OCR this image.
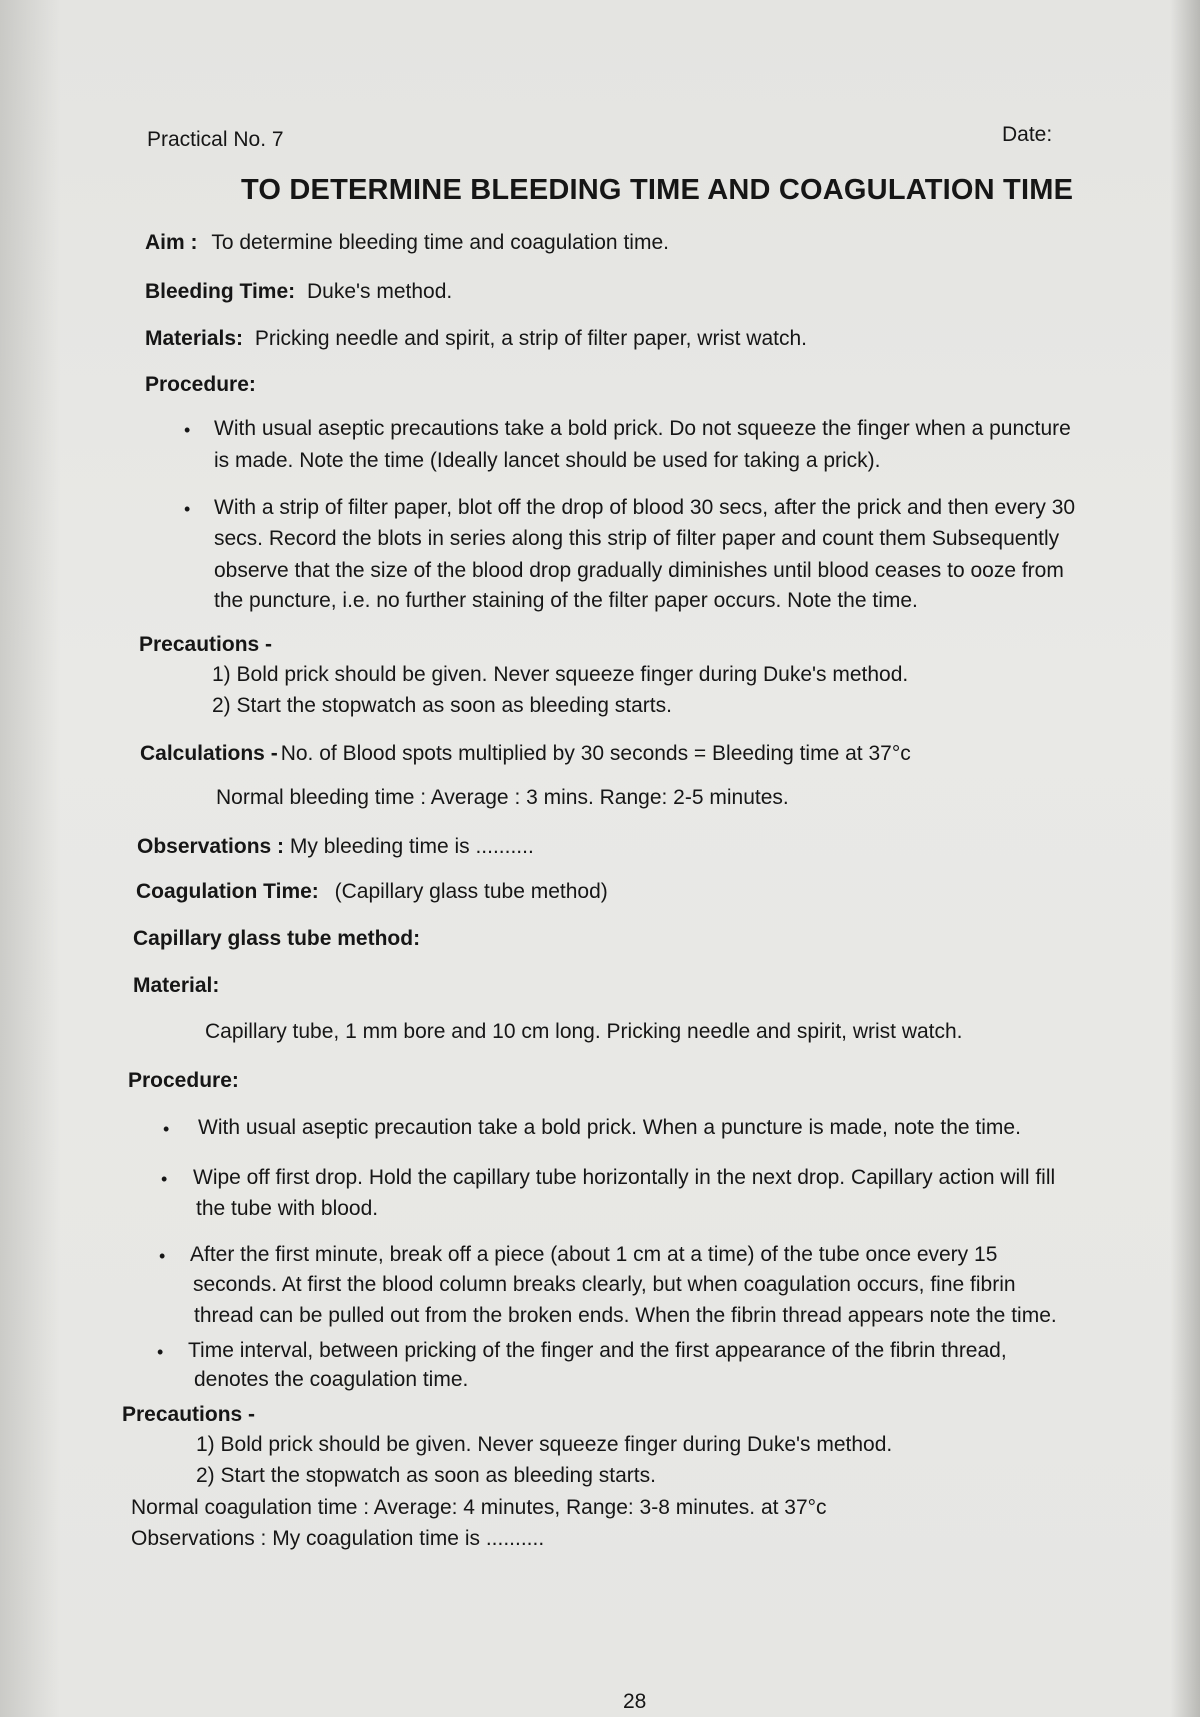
Practical No. 7	Date:
TO DETERMINE BLEEDING TIME AND COAGULATION TIME
Aim : To determine bleeding time and coagulation time.
Bleeding Time: Duke's method.
Materials: Pricking needle and spirit, a strip of filter paper, wrist watch.
Procedure:
• With usual aseptic precautions take a bold prick. Do not squeeze the finger when a puncture
is made. Note the time (Ideally lancet should be used for taking a prick).
• With a strip of filter paper, blot off the drop of blood 30 secs, after the prick and then every 30
secs. Record the blots in series along this strip of filter paper and count them Subsequently
observe that the size of the blood drop gradually diminishes until blood ceases to ooze from
the puncture, i.e. no further staining of the filter paper occurs. Note the time.
Precautions -
1) Bold prick should be given. Never squeeze finger during Duke's method.
2) Start the stopwatch as soon as bleeding starts.
Calculations - No. of Blood spots multiplied by 30 seconds = Bleeding time at 37°c
Normal bleeding time : Average : 3 mins. Range: 2-5 minutes.
Observations : My bleeding time is ..........
Coagulation Time: (Capillary glass tube method)
Capillary glass tube method:
Material:
Capillary tube, 1 mm bore and 10 cm long. Pricking needle and spirit, wrist watch.
Procedure:
• With usual aseptic precaution take a bold prick. When a puncture is made, note the time.
• Wipe off first drop. Hold the capillary tube horizontally in the next drop. Capillary action will fill
the tube with blood.
• After the first minute, break off a piece (about 1 cm at a time) of the tube once every 15
seconds. At first the blood column breaks clearly, but when coagulation occurs, fine fibrin
thread can be pulled out from the broken ends. When the fibrin thread appears note the time.
• Time interval, between pricking of the finger and the first appearance of the fibrin thread,
denotes the coagulation time.
Precautions -
1) Bold prick should be given. Never squeeze finger during Duke's method.
2) Start the stopwatch as soon as bleeding starts.
Normal coagulation time : Average: 4 minutes, Range: 3-8 minutes. at 37°c
Observations : My coagulation time is ..........
28
